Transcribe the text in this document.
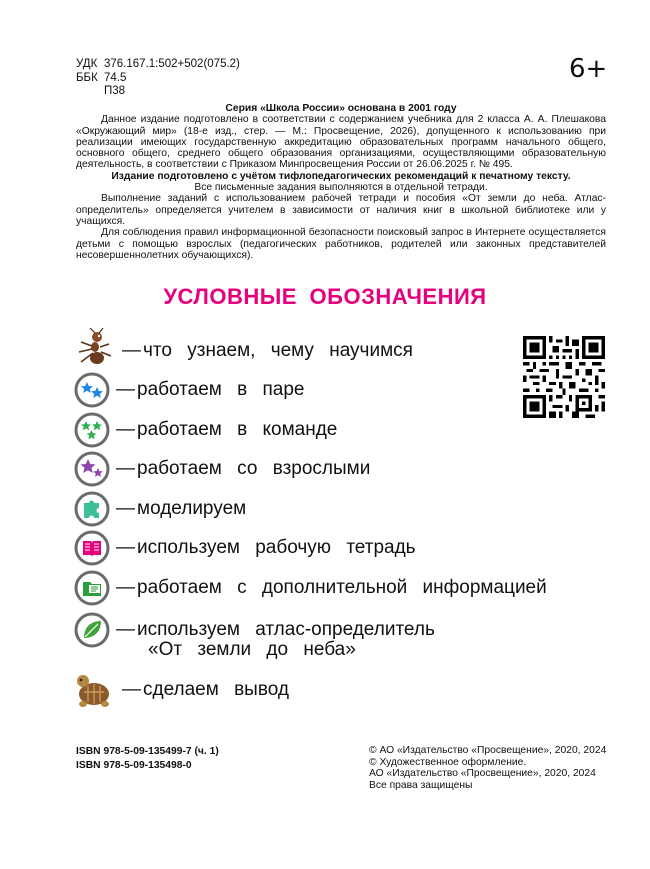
УДК 376.167.1:502+502(075.2)
ББК 74.5
П38
6+

Серия «Школа России» основана в 2001 году

Данное издание подготовлено в соответствии с содержанием учебника для 2 класса А. А. Плешакова «Окружающий мир» (18-е изд., стер. — М.: Просвещение, 2026), допущенного к использованию при реализации имеющих государственную аккредитацию образовательных программ начального общего, основного общего, среднего общего образования организациями, осуществляющими образовательную деятельность, в соответствии с Приказом Минпросвещения России от 26.06.2025 г. № 495.

Издание подготовлено с учётом тифлопедагогических рекомендаций к печатному тексту.

Все письменные задания выполняются в отдельной тетради.

Выполнение заданий с использованием рабочей тетради и пособия «От земли до неба. Атлас-определитель» определяется учителем в зависимости от наличия книг в школьной библиотеке или у учащихся.

Для соблюдения правил информационной безопасности поисковый запрос в Интернете осуществляется детьми с помощью взрослых (педагогических работников, родителей или законных представителей несовершеннолетних обучающихся).

УСЛОВНЫЕ ОБОЗНАЧЕНИЯ
— что узнаем, чему научимся
— работаем в паре
— работаем в команде
— работаем со взрослыми
— моделируем
— используем рабочую тетрадь
— работаем с дополнительной информацией
— используем атлас-определитель
«От земли до неба»
— сделаем вывод
ISBN 978-5-09-135499-7 (ч. 1)
ISBN 978-5-09-135498-0
© АО «Издательство «Просвещение», 2020, 2024
© Художественное оформление.
АО «Издательство «Просвещение», 2020, 2024
Все права защищены
